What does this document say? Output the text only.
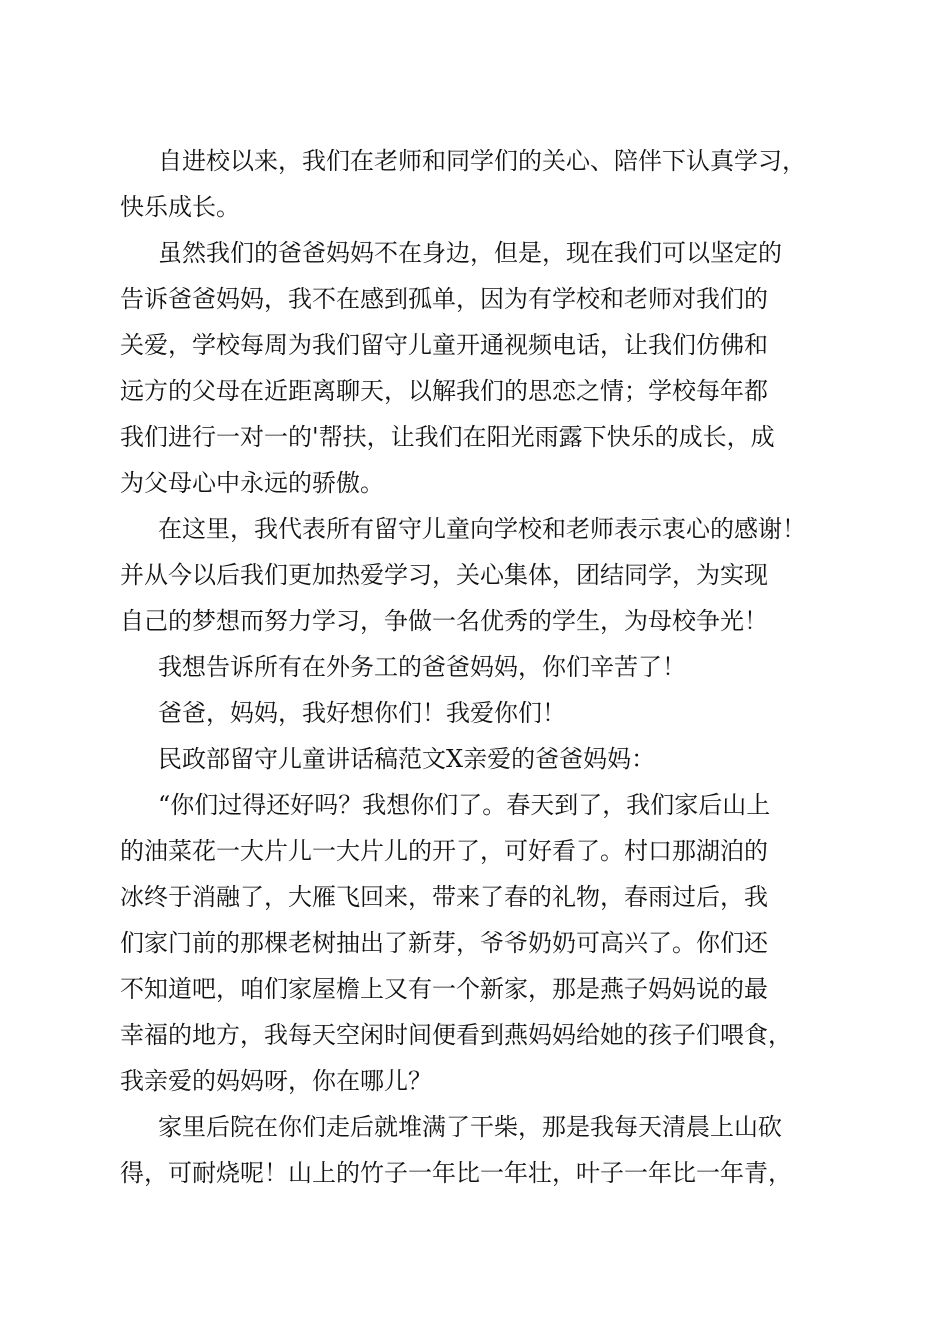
自进校以来，我们在老师和同学们的关心、陪伴下认真学习，
快乐成长。
虽然我们的爸爸妈妈不在身边，但是，现在我们可以坚定的
告诉爸爸妈妈，我不在感到孤单，因为有学校和老师对我们的
关爱，学校每周为我们留守儿童开通视频电话，让我们仿佛和
远方的父母在近距离聊天，以解我们的思恋之情；学校每年都
我们进行一对一的'帮扶，让我们在阳光雨露下快乐的成长，成
为父母心中永远的骄傲。
在这里，我代表所有留守儿童向学校和老师表示衷心的感谢！
并从今以后我们更加热爱学习，关心集体，团结同学，为实现
自己的梦想而努力学习，争做一名优秀的学生，为母校争光！
我想告诉所有在外务工的爸爸妈妈，你们辛苦了！
爸爸，妈妈，我好想你们！我爱你们！
民政部留守儿童讲话稿范文X亲爱的爸爸妈妈：
“你们过得还好吗？我想你们了。春天到了，我们家后山上
的油菜花一大片儿一大片儿的开了，可好看了。村口那湖泊的
冰终于消融了，大雁飞回来，带来了春的礼物，春雨过后，我
们家门前的那棵老树抽出了新芽，爷爷奶奶可高兴了。你们还
不知道吧，咱们家屋檐上又有一个新家，那是燕子妈妈说的最
幸福的地方，我每天空闲时间便看到燕妈妈给她的孩子们喂食，
我亲爱的妈妈呀，你在哪儿？
家里后院在你们走后就堆满了干柴，那是我每天清晨上山砍
得，可耐烧呢！山上的竹子一年比一年壮，叶子一年比一年青，
